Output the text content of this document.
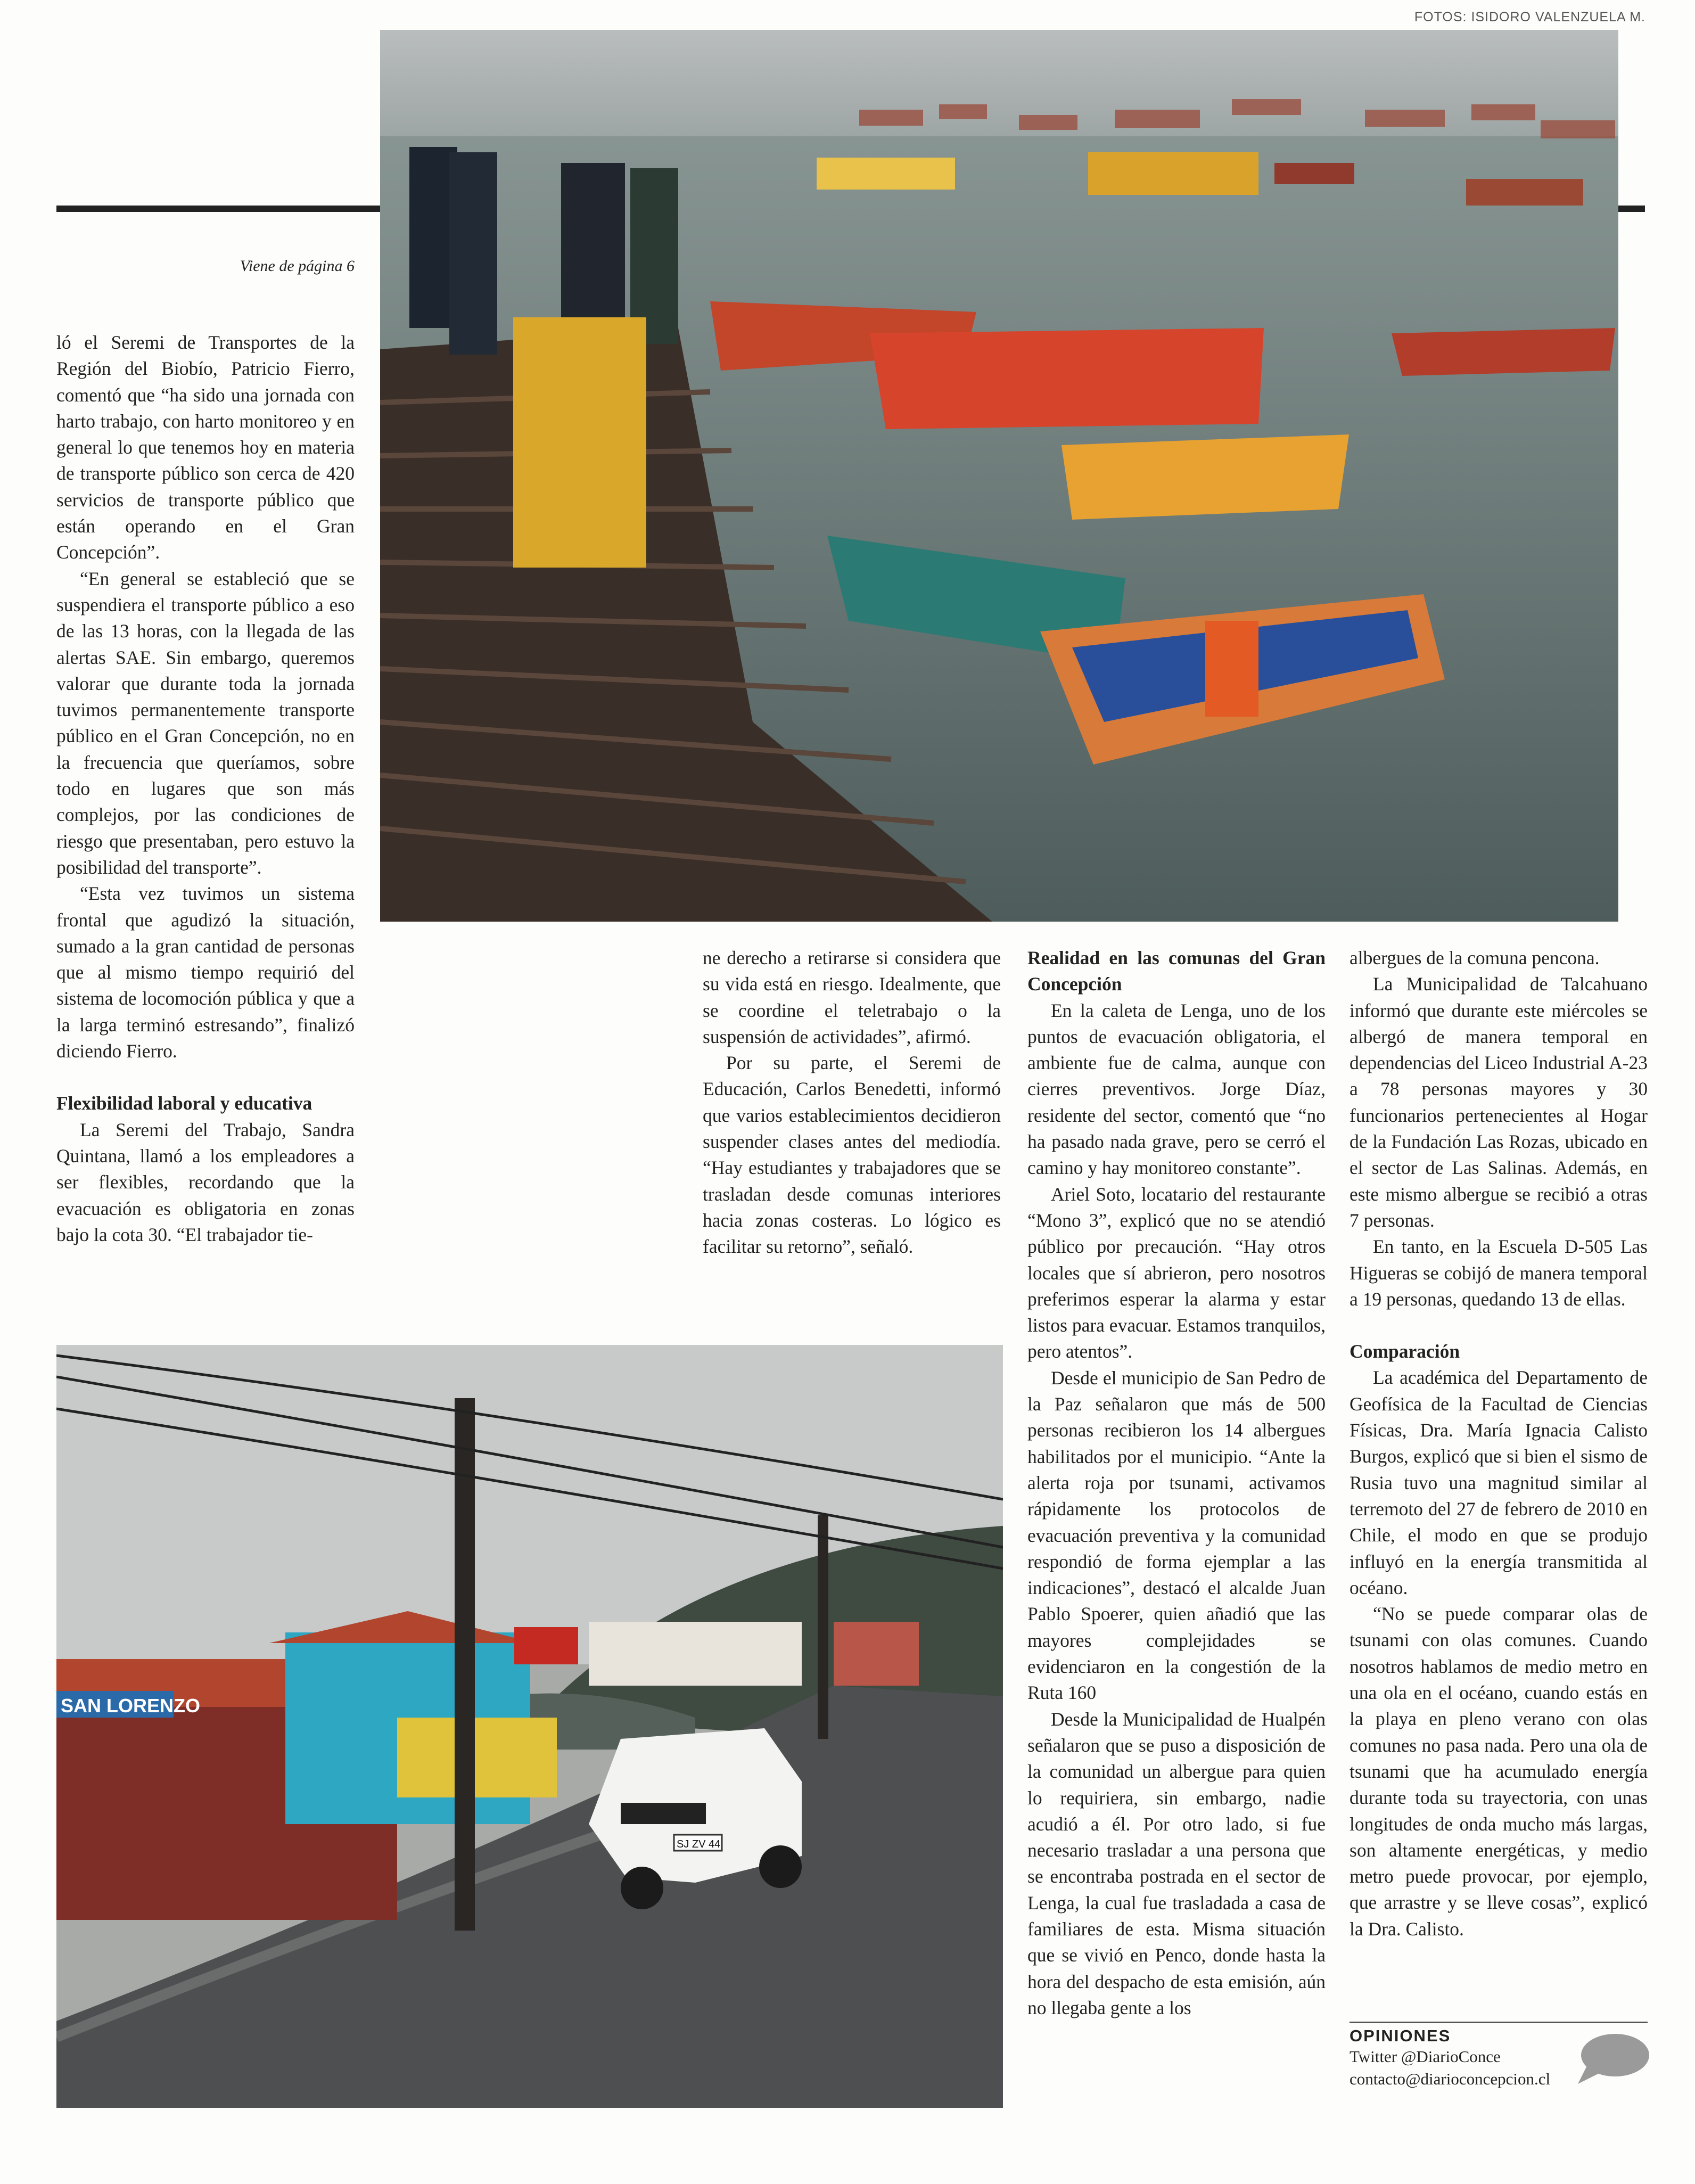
FOTOS: ISIDORO VALENZUELA M.
SAN LORENZO
SJ ZV 44
Viene de página 6

ló el Seremi de Transportes de la Región del Biobío, Patricio Fierro, comentó que “ha sido una jornada con harto trabajo, con harto monitoreo y en general lo que tenemos hoy en materia de transporte público son cerca de 420 servicios de transporte público que están operando en el Gran Concepción”.

“En general se estableció que se suspendiera el transporte público a eso de las 13 horas, con la llegada de las alertas SAE. Sin embargo, queremos valorar que durante toda la jornada tuvimos permanentemente transporte público en el Gran Concepción, no en la frecuencia que queríamos, sobre todo en lugares que son más complejos, por las condiciones de riesgo que presentaban, pero estuvo la posibilidad del transporte”.

“Esta vez tuvimos un sistema frontal que agudizó la situación, sumado a la gran cantidad de personas que al mismo tiempo requirió del sistema de locomoción pública y que a la larga terminó estresando”, finalizó diciendo Fierro.

Flexibilidad laboral y educativa

La Seremi del Trabajo, Sandra Quintana, llamó a los empleadores a ser flexibles, recordando que la evacuación es obligatoria en zonas bajo la cota 30. “El trabajador tie-

ne derecho a retirarse si considera que su vida está en riesgo. Idealmente, que se coordine el teletrabajo o la suspensión de actividades”, afirmó.

Por su parte, el Seremi de Educación, Carlos Benedetti, informó que varios establecimientos decidieron suspender clases antes del mediodía. “Hay estudiantes y trabajadores que se trasladan desde comunas interiores hacia zonas costeras. Lo lógico es facilitar su retorno”, señaló.

Realidad en las comunas del Gran Concepción

En la caleta de Lenga, uno de los puntos de evacuación obligatoria, el ambiente fue de calma, aunque con cierres preventivos. Jorge Díaz, residente del sector, comentó que “no ha pasado nada grave, pero se cerró el camino y hay monitoreo constante”.

Ariel Soto, locatario del restaurante “Mono 3”, explicó que no se atendió público por precaución. “Hay otros locales que sí abrieron, pero nosotros preferimos esperar la alarma y estar listos para evacuar. Estamos tranquilos, pero atentos”.

Desde el municipio de San Pedro de la Paz señalaron que más de 500 personas recibieron los 14 albergues habilitados por el municipio. “Ante la alerta roja por tsunami, activamos rápidamente los protocolos de evacuación preventiva y la comunidad respondió de forma ejemplar a las indicaciones”, destacó el alcalde Juan Pablo Spoerer, quien añadió que las mayores complejidades se evidenciaron en la congestión de la Ruta 160

Desde la Municipalidad de Hualpén señalaron que se puso a disposición de la comunidad un albergue para quien lo requiriera, sin embargo, nadie acudió a él. Por otro lado, si fue necesario trasladar a una persona que se encontraba postrada en el sector de Lenga, la cual fue trasladada a casa de familiares de esta. Misma situación que se vivió en Penco, donde hasta la hora del despacho de esta emisión, aún no llegaba gente a los

albergues de la comuna pencona.

La Municipalidad de Talcahuano informó que durante este miércoles se albergó de manera temporal en dependencias del Liceo Industrial A-23 a 78 personas mayores y 30 funcionarios pertenecientes al Hogar de la Fundación Las Rozas, ubicado en el sector de Las Salinas. Además, en este mismo albergue se recibió a otras 7 personas.

En tanto, en la Escuela D-505 Las Higueras se cobijó de manera temporal a 19 personas, quedando 13 de ellas.

Comparación

La académica del Departamento de Geofísica de la Facultad de Ciencias Físicas, Dra. María Ignacia Calisto Burgos, explicó que si bien el sismo de Rusia tuvo una magnitud similar al terremoto del 27 de febrero de 2010 en Chile, el modo en que se produjo influyó en la energía transmitida al océano.

“No se puede comparar olas de tsunami con olas comunes. Cuando nosotros hablamos de medio metro en una ola en el océano, cuando estás en la playa en pleno verano con olas comunes no pasa nada. Pero una ola de tsunami que ha acumulado energía durante toda su trayectoria, con unas longitudes de onda mucho más largas, son altamente energéticas, y medio metro puede provocar, por ejemplo, que arrastre y se lleve cosas”, explicó la Dra. Calisto.

OPINIONES
Twitter @DiarioConce
contacto@diarioconcepcion.cl
